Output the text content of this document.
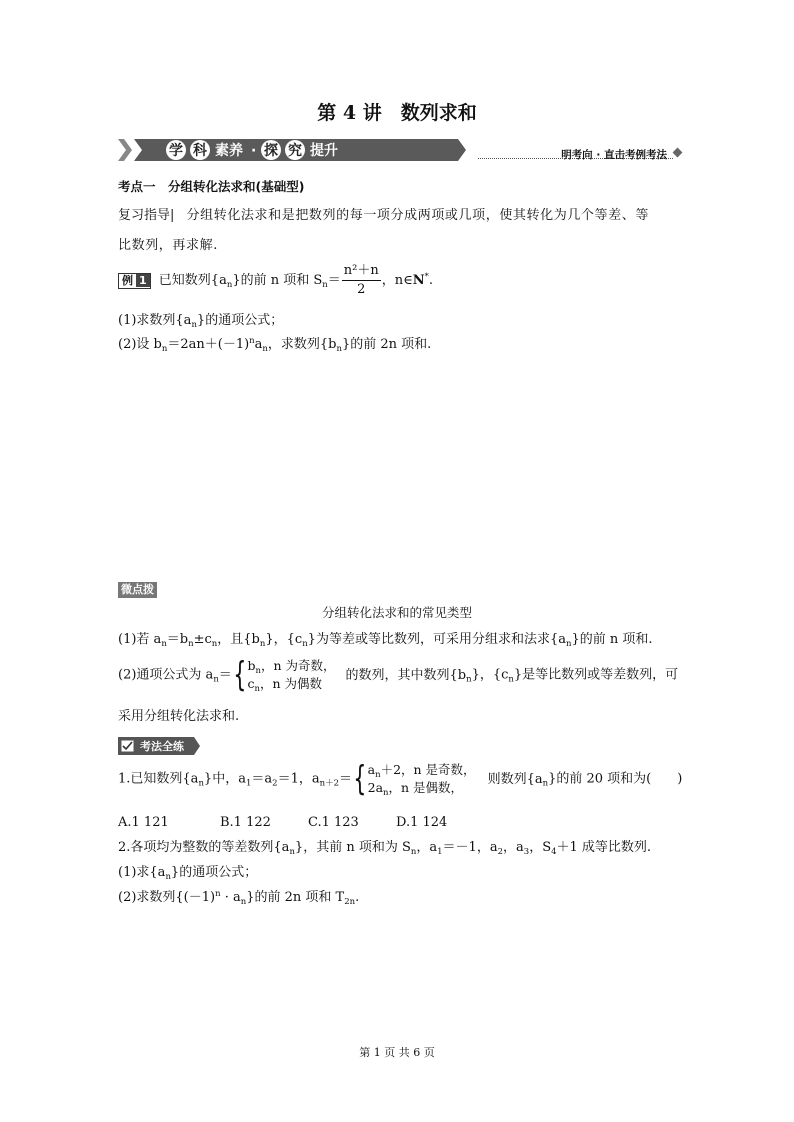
第 4 讲　数列求和
学 科 素养 · 探 究 提升	明考向 · 直击考例考法
考点一　分组转化法求和(基础型)
复习指导| 分组转化法求和是把数列的每一项分成两项或几项，使其转化为几个等差、等
比数列，再求解.
例 1 已知数列$\{a_n\}$的前 n 项和 $S_n= \frac{\text{n²＋n}}{2}$ ，n∈N*.
(1)求数列$\{a_n\}$的通项公式；
(2)设 $b_n=2an+(-1)^na_n$，求数列$\{b_n\}$的前 2n 项和.
微点拨
分组转化法求和的常见类型
(1)若 $a_n=b_n\pm c_n$，且$\{b_n\}$，$\{c_n\}$为等差或等比数列，可采用分组求和法求$\{a_n\}$的前 n 项和.
(2)通项公式为 $a_n=${ $b_n$，n 为奇数，
$c_n$，n 为偶数
的数列，其中数列$\{b_n\}$，$\{c_n\}$是等比数列或等差数列，可
采用分组转化法求和.
考法全练
1.已知数列$\{a_n\}$中，$a_1=a_2=1$，$a_{n+2}=${ $a_n+2$，n 是奇数，
$2a_n$，n 是偶数，
则数列$\{a_n\}$的前 20 项和为(　　)
A.1 121	B.1 122	C.1 123	D.1 124
2.各项均为整数的等差数列$\{a_n\}$，其前 n 项和为 $S_n$，$a_1=-1$，$a_2$，$a_3$，$S_4+1$ 成等比数列.
(1)求$\{a_n\}$的通项公式；
(2)求数列$\{(-1)^n \cdot a_n\}$的前 2n 项和 $T_{2n}$.
第 1 页 共 6 页
